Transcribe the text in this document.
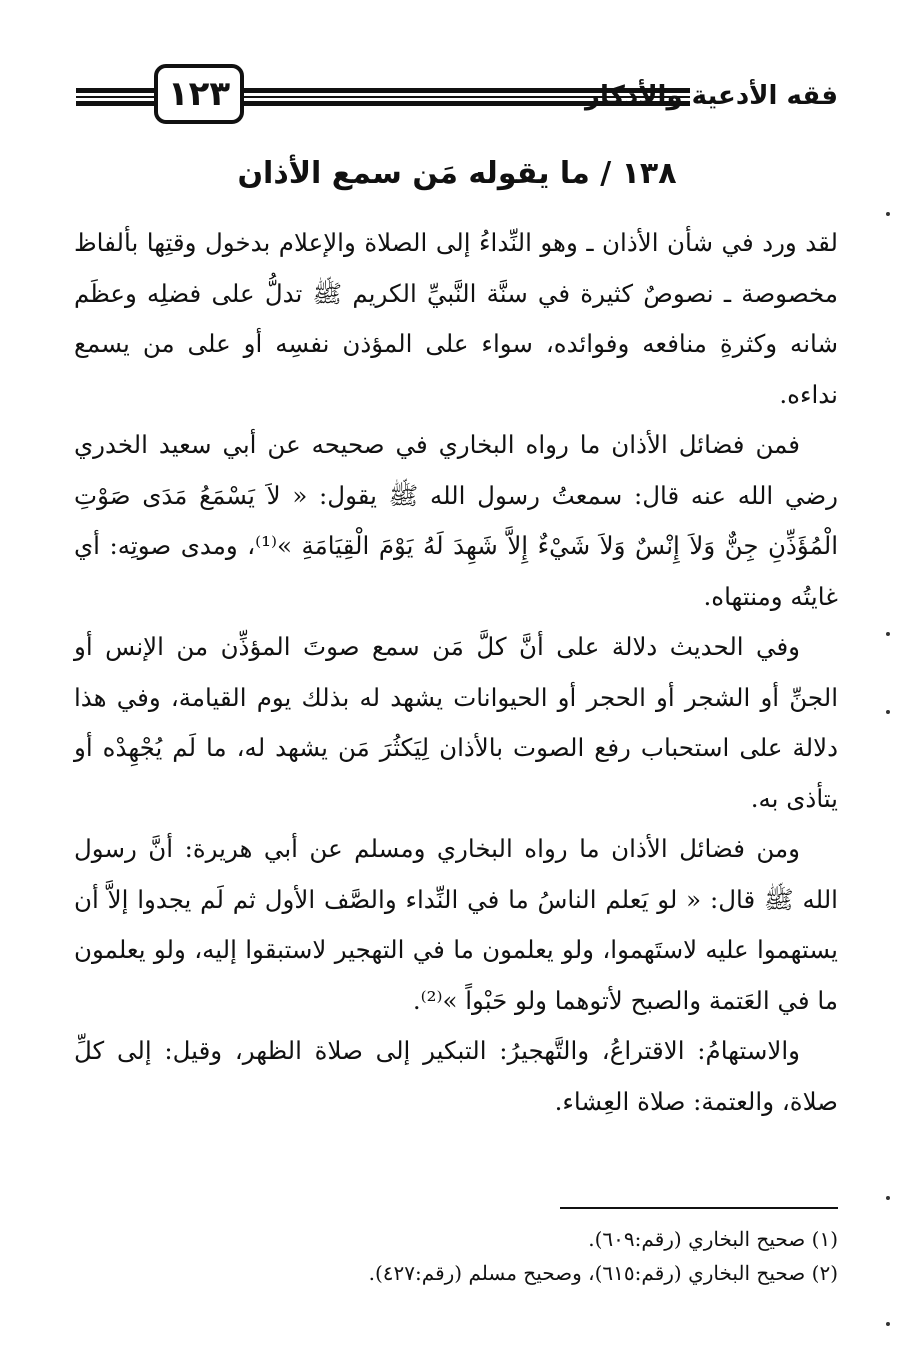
١٢٣	فقه الأدعية والأذكار
١٣٨ / ما يقوله مَن سمع الأذان

لقد ورد في شأن الأذان ـ وهو النِّداءُ إلى الصلاة والإعلام بدخول وقتِها بألفاظ مخصوصة ـ نصوصٌ كثيرة في سنَّة النَّبيِّ الكريم ﷺ تدلُّ على فضلِه وعظَم شانه وكثرةِ منافعه وفوائده، سواء على المؤذن نفسِه أو على من يسمع نداءه.

فمن فضائل الأذان ما رواه البخاري في صحيحه عن أبي سعيد الخدري رضي الله عنه قال: سمعتُ رسول الله ﷺ يقول: « لاَ يَسْمَعُ مَدَى صَوْتِ الْمُؤَذِّنِ جِنٌّ وَلاَ إِنْسٌ وَلاَ شَيْءٌ إِلاَّ شَهِدَ لَهُ يَوْمَ الْقِيَامَةِ »⁽¹⁾، ومدى صوتِه: أي غايتُه ومنتهاه.

وفي الحديث دلالة على أنَّ كلَّ مَن سمع صوتَ المؤذِّن من الإنس أو الجنِّ أو الشجر أو الحجر أو الحيوانات يشهد له بذلك يوم القيامة، وفي هذا دلالة على استحباب رفع الصوت بالأذان لِيَكثُرَ مَن يشهد له، ما لَم يُجْهِدْه أو يتأذى به.

ومن فضائل الأذان ما رواه البخاري ومسلم عن أبي هريرة: أنَّ رسول الله ﷺ قال: « لو يَعلم الناسُ ما في النِّداء والصَّف الأول ثم لَم يجدوا إلاَّ أن يستهموا عليه لاستَهموا، ولو يعلمون ما في التهجير لاستبقوا إليه، ولو يعلمون ما في العَتمة والصبح لأتوهما ولو حَبْواً »⁽²⁾.

والاستهامُ: الاقتراعُ، والتَّهجيرُ: التبكير إلى صلاة الظهر، وقيل: إلى كلِّ صلاة، والعتمة: صلاة العِشاء.

(١) صحيح البخاري (رقم:٦٠٩).

(٢) صحيح البخاري (رقم:٦١٥)، وصحيح مسلم (رقم:٤٢٧).
